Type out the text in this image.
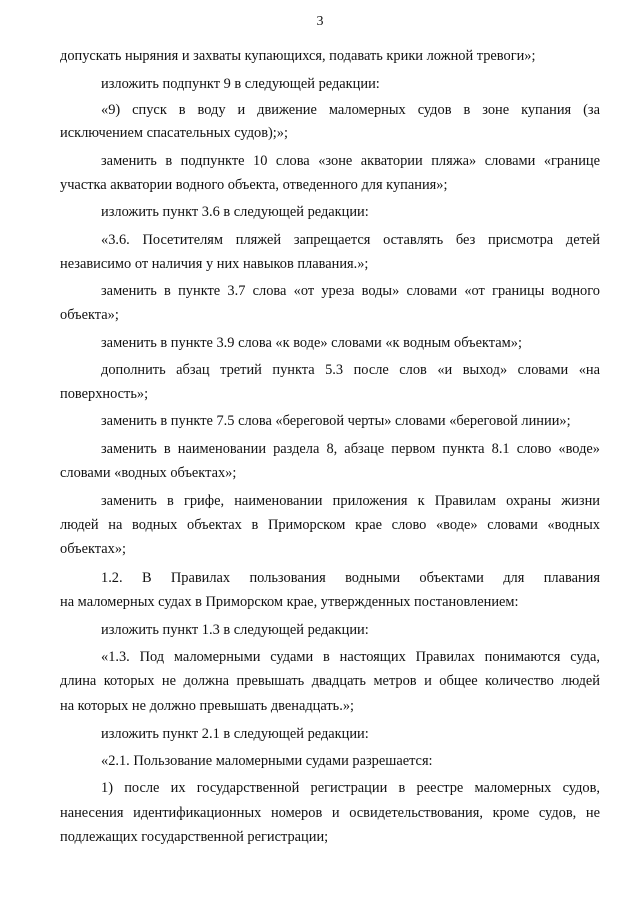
3
допускать ныряния и захваты купающихся, подавать крики ложной тревоги»;
изложить подпункт 9 в следующей редакции:
«9) спуск в воду и движение маломерных судов в зоне купания (за
исключением спасательных судов);»;
заменить в подпункте 10 слова «зоне акватории пляжа» словами «границе
участка акватории водного объекта, отведенного для купания»;
изложить пункт 3.6 в следующей редакции:
«3.6. Посетителям пляжей запрещается оставлять без присмотра детей
независимо от наличия у них навыков плавания.»;
заменить в пункте 3.7 слова «от уреза воды» словами «от границы водного
объекта»;
заменить в пункте 3.9 слова «к воде» словами «к водным объектам»;
дополнить абзац третий пункта 5.3 после слов «и выход» словами «на
поверхность»;
заменить в пункте 7.5 слова «береговой черты» словами «береговой линии»;
заменить в наименовании раздела 8, абзаце первом пункта 8.1 слово «воде»
словами «водных объектах»;
заменить в грифе, наименовании приложения к Правилам охраны жизни
людей на водных объектах в Приморском крае слово «воде» словами «водных
объектах»;
1.2. В Правилах пользования водными объектами для плавания
на маломерных судах в Приморском крае, утвержденных постановлением:
изложить пункт 1.3 в следующей редакции:
«1.3. Под маломерными судами в настоящих Правилах понимаются суда,
длина которых не должна превышать двадцать метров и общее количество людей
на которых не должно превышать двенадцать.»;
изложить пункт 2.1 в следующей редакции:
«2.1. Пользование маломерными судами разрешается:
1) после их государственной регистрации в реестре маломерных судов,
нанесения идентификационных номеров и освидетельствования, кроме судов, не
подлежащих государственной регистрации;
